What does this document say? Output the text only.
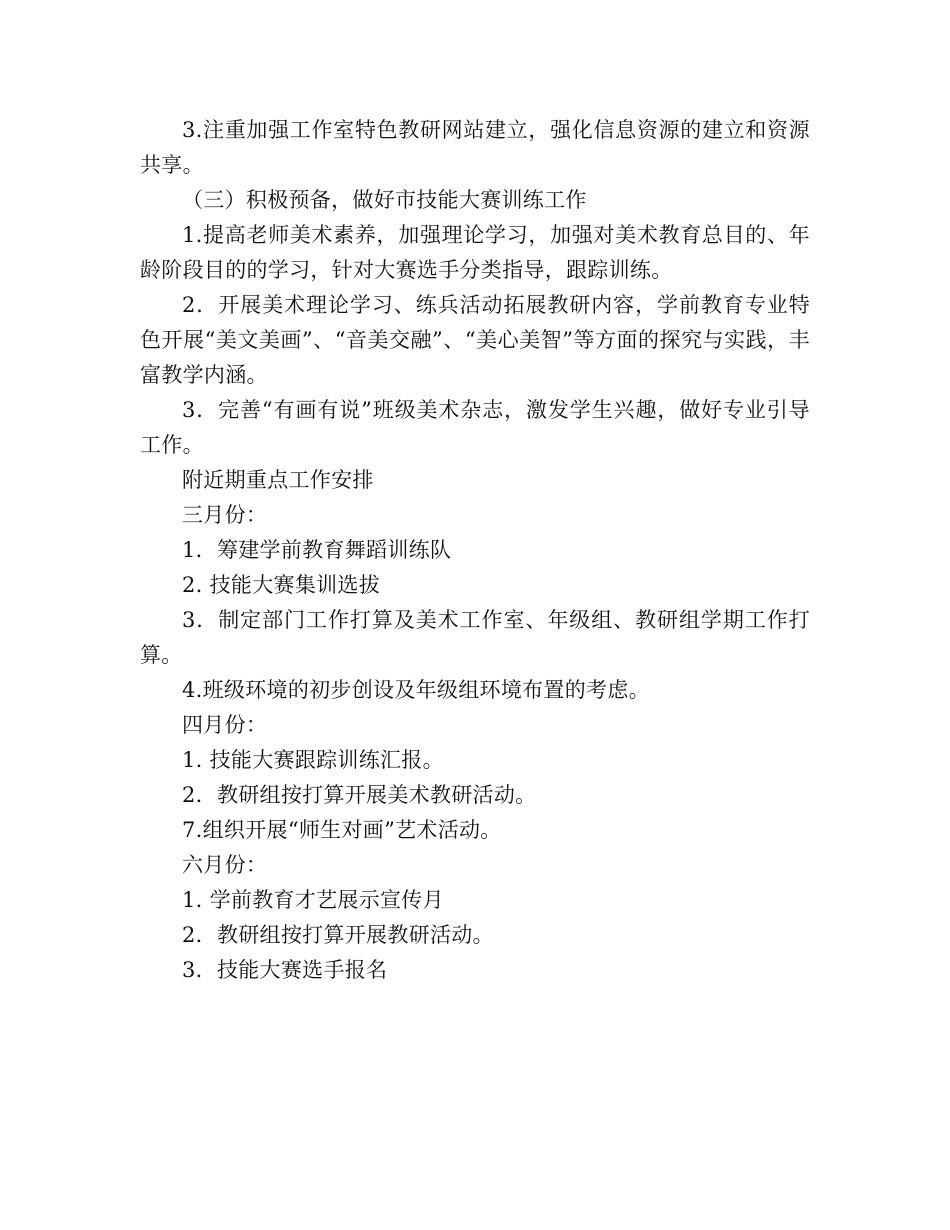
3.注重加强工作室特色教研网站建立，强化信息资源的建立和资源共享。

（三）积极预备，做好市技能大赛训练工作

1.提高老师美术素养，加强理论学习，加强对美术教育总目的、年龄阶段目的的学习，针对大赛选手分类指导，跟踪训练。

2．开展美术理论学习、练兵活动拓展教研内容，学前教育专业特色开展“美文美画”、“音美交融”、“美心美智”等方面的探究与实践，丰富教学内涵。

3．完善“有画有说”班级美术杂志，激发学生兴趣，做好专业引导工作。

附近期重点工作安排

三月份：

1．筹建学前教育舞蹈训练队

2. 技能大赛集训选拔

3．制定部门工作打算及美术工作室、年级组、教研组学期工作打算。

4.班级环境的初步创设及年级组环境布置的考虑。

四月份：

1. 技能大赛跟踪训练汇报。

2．教研组按打算开展美术教研活动。

7.组织开展“师生对画”艺术活动。

六月份：

1. 学前教育才艺展示宣传月

2．教研组按打算开展教研活动。

3．技能大赛选手报名
